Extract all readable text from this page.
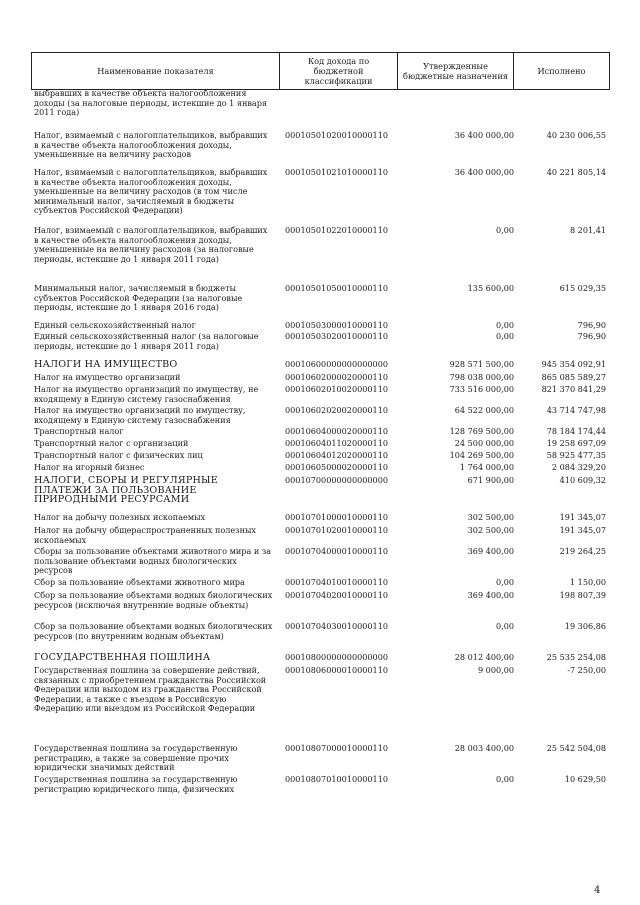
Наименование показателя	Код дохода по бюджетной классификации	Утвержденные бюджетные назначения	Исполнено
выбравших в качестве объекта налогообложения доходы (за налоговые периоды, истекшие до 1 января 2011 года)
Налог, взимаемый с налогоплательщиков, выбравших в качестве объекта налогообложения доходы, уменьшенные на величину расходов
00010501020010000110	36 400 000,00	40 230 006,55
Налог, взимаемый с налогоплательщиков, выбравших в качестве объекта налогообложения доходы, уменьшенные на величину расходов (в том числе минимальный налог, зачисляемый в бюджеты субъектов Российской Федерации)
00010501021010000110	36 400 000,00	40 221 805,14
Налог, взимаемый с налогоплательщиков, выбравших в качестве объекта налогообложения доходы, уменьшенные на величину расходов (за налоговые периоды, истекшие до 1 января 2011 года)
00010501022010000110	0,00	8 201,41
Минимальный налог, зачисляемый в бюджеты субъектов Российской Федерации (за налоговые периоды, истекшие до 1 января 2016 года)
00010501050010000110	135 600,00	615 029,35
Единый сельскохозяйственный налог	00010503000010000110	0,00	796,90
Единый сельскохозяйственный налог (за налоговые периоды, истекшие до 1 января 2011 года)
00010503020010000110	0,00	796,90
НАЛОГИ НА ИМУЩЕСТВО	00010600000000000000	928 571 500,00	945 354 092,91
Налог на имущество организаций	00010602000020000110	798 038 000,00	865 085 589,27
Налог на имущество организаций по имуществу, не входящему в Единую систему газоснабжения
00010602010020000110	733 516 000,00	821 370 841,29
Налог на имущество организаций по имуществу, входящему в Единую систему газоснабжения
00010602020020000110	64 522 000,00	43 714 747,98
Транспортный налог	00010604000020000110	128 769 500,00	78 184 174,44
Транспортный налог с организаций	00010604011020000110	24 500 000,00	19 258 697,09
Транспортный налог с физических лиц	00010604012020000110	104 269 500,00	58 925 477,35
Налог на игорный бизнес	00010605000020000110	1 764 000,00	2 084 329,20
НАЛОГИ, СБОРЫ И РЕГУЛЯРНЫЕ ПЛАТЕЖИ ЗА ПОЛЬЗОВАНИЕ ПРИРОДНЫМИ РЕСУРСАМИ
00010700000000000000	671 900,00	410 609,32
Налог на добычу полезных ископаемых	00010701000010000110	302 500,00	191 345,07
Налог на добычу общераспространенных полезных ископаемых
00010701020010000110	302 500,00	191 345,07
Сборы за пользование объектами животного мира и за пользование объектами водных биологических ресурсов
00010704000010000110	369 400,00	219 264,25
Сбор за пользование объектами животного мира	00010704010010000110	0,00	1 150,00
Сбор за пользование объектами водных биологических ресурсов (исключая внутренние водные объекты)
00010704020010000110	369 400,00	198 807,39
Сбор за пользование объектами водных биологических ресурсов (по внутренним водным объектам)
00010704030010000110	0,00	19 306,86
ГОСУДАРСТВЕННАЯ ПОШЛИНА	00010800000000000000	28 012 400,00	25 535 254,08
Государственная пошлина за совершение действий, связанных с приобретением гражданства Российской Федерации или выходом из гражданства Российской Федерации, а также с въездом в Российскую Федерацию или выездом из Российской Федерации
00010806000010000110	9 000,00	-7 250,00
Государственная пошлина за государственную регистрацию, а также за совершение прочих юридически значимых действий
00010807000010000110	28 003 400,00	25 542 504,08
Государственная пошлина за государственную регистрацию юридического лица, физических
00010807010010000110	0,00	10 629,50
4
